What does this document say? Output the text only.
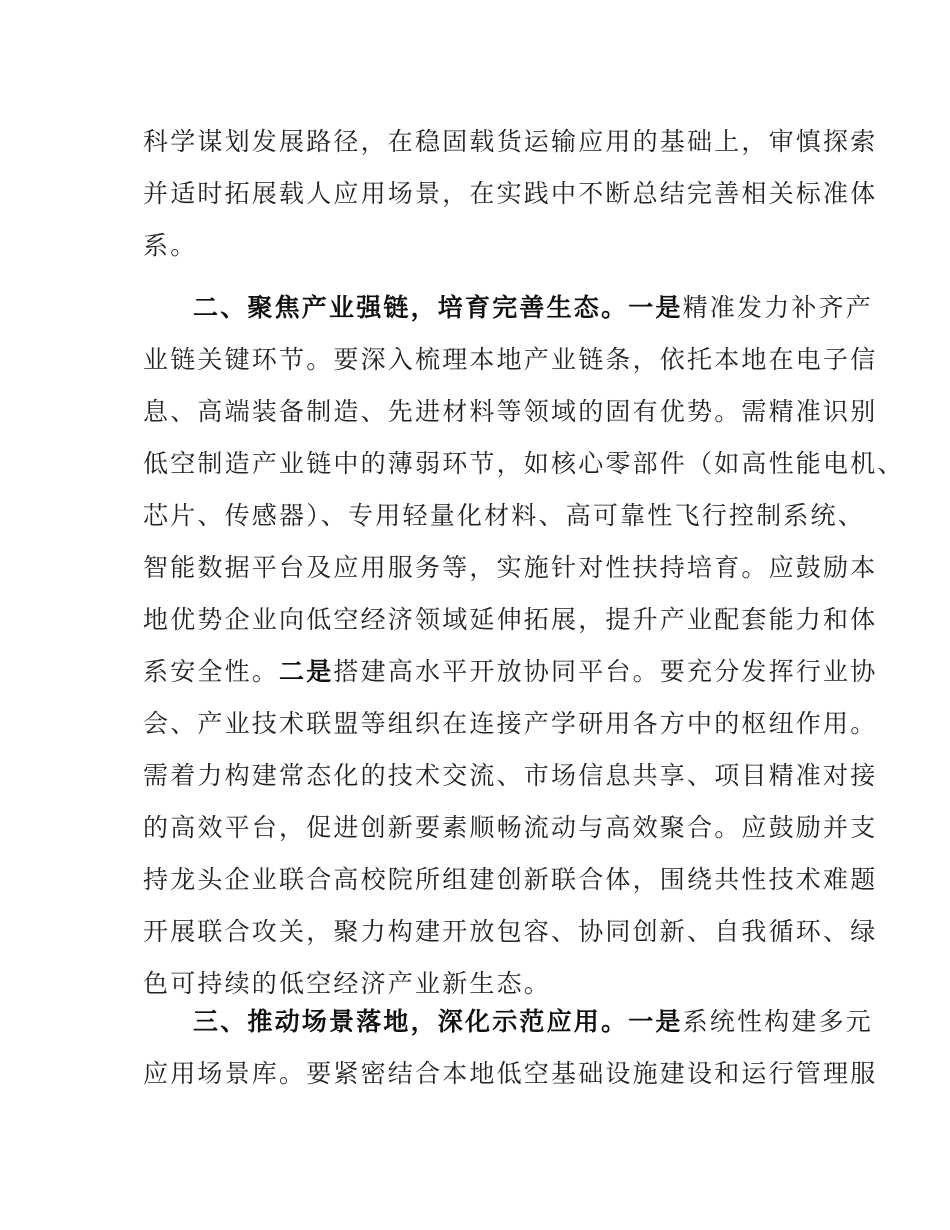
科学谋划发展路径，在稳固载货运输应用的基础上，审慎探索
并适时拓展载人应用场景，在实践中不断总结完善相关标准体
系。
二、聚焦产业强链，培育完善生态。一是精准发力补齐产
业链关键环节。要深入梳理本地产业链条，依托本地在电子信
息、高端装备制造、先进材料等领域的固有优势。需精准识别
低空制造产业链中的薄弱环节，如核心零部件（如高性能电机、
芯片、传感器）、专用轻量化材料、高可靠性飞行控制系统、
智能数据平台及应用服务等，实施针对性扶持培育。应鼓励本
地优势企业向低空经济领域延伸拓展，提升产业配套能力和体
系安全性。二是搭建高水平开放协同平台。要充分发挥行业协
会、产业技术联盟等组织在连接产学研用各方中的枢纽作用。
需着力构建常态化的技术交流、市场信息共享、项目精准对接
的高效平台，促进创新要素顺畅流动与高效聚合。应鼓励并支
持龙头企业联合高校院所组建创新联合体，围绕共性技术难题
开展联合攻关，聚力构建开放包容、协同创新、自我循环、绿
色可持续的低空经济产业新生态。
三、推动场景落地，深化示范应用。一是系统性构建多元
应用场景库。要紧密结合本地低空基础设施建设和运行管理服
